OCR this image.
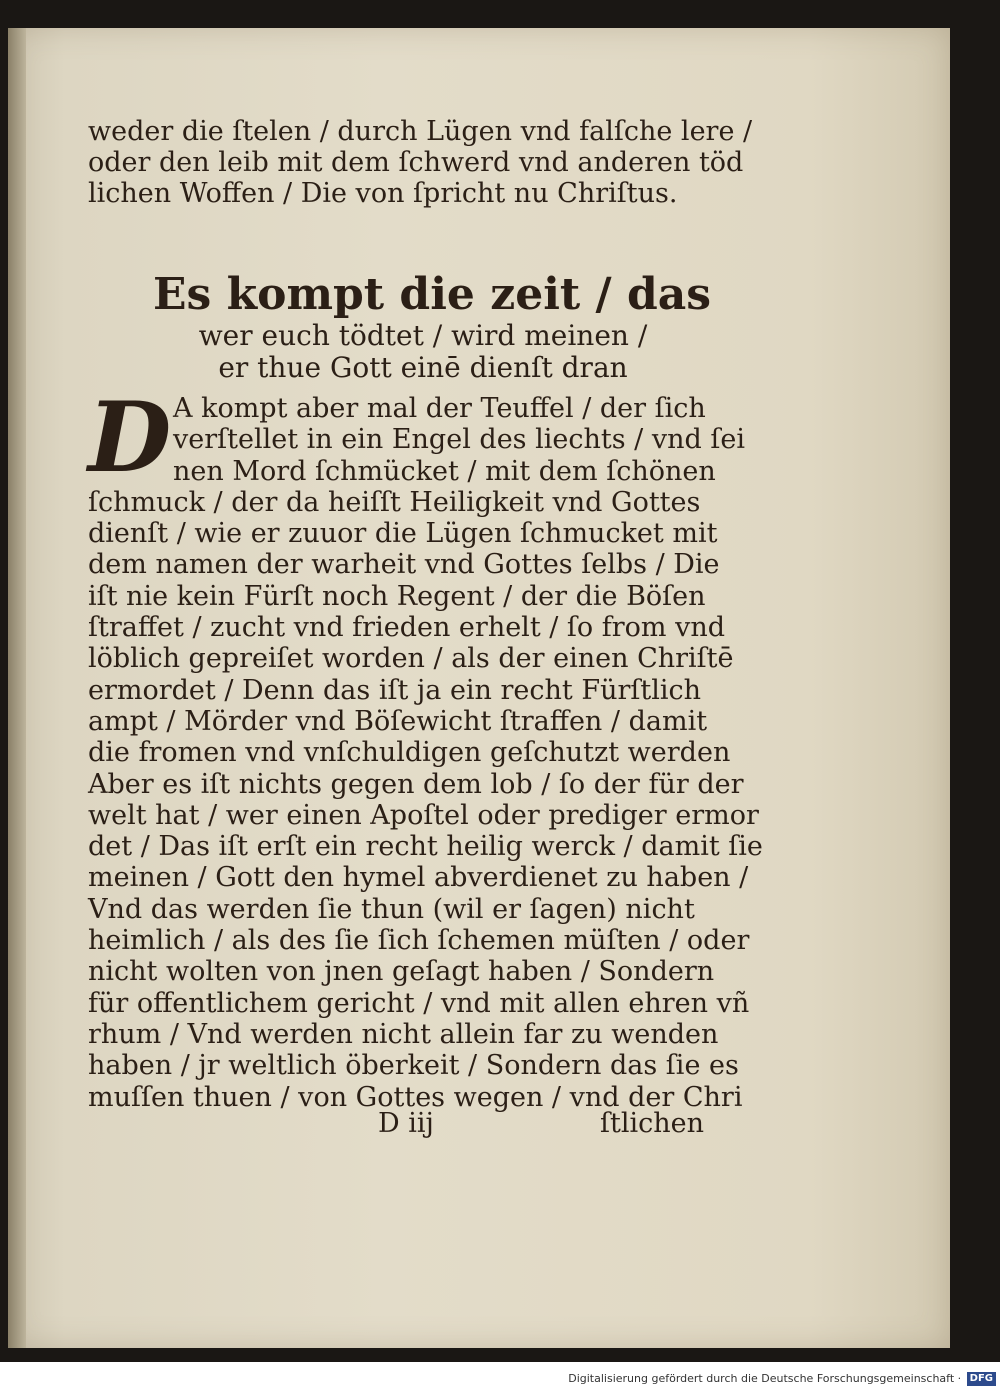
weder die ſtelen / durch Lügen vnd falſche lere /
oder den leib mit dem ſchwerd vnd anderen töd
lichen Woffen / Die von ſpricht nu Chriſtus.
Es kompt die zeit / das
wer euch tödtet / wird meinen /
er thue Gott einē dienſt dran
D A kompt aber mal der Teuffel / der ſich
verſtellet in ein Engel des liechts / vnd ſei
nen Mord ſchmücket / mit dem ſchönen
ſchmuck / der da heiſſt Heiligkeit vnd Gottes
dienſt / wie er zuuor die Lügen ſchmucket mit
dem namen der warheit vnd Gottes ſelbs / Die
iſt nie kein Fürſt noch Regent / der die Böſen
ſtraffet / zucht vnd frieden erhelt / ſo from vnd
löblich gepreiſet worden / als der einen Chriſtē
ermordet / Denn das iſt ja ein recht Fürſtlich
ampt / Mörder vnd Böſewicht ſtraffen / damit
die fromen vnd vnſchuldigen geſchutzt werden
Aber es iſt nichts gegen dem lob / ſo der für der
welt hat / wer einen Apoſtel oder prediger ermor
det / Das iſt erſt ein recht heilig werck / damit ſie
meinen / Gott den hymel abverdienet zu haben /
Vnd das werden ſie thun (wil er ſagen) nicht
heimlich / als des ſie ſich ſchemen müſten / oder
nicht wolten von jnen geſagt haben / Sondern
für offentlichem gericht / vnd mit allen ehren vñ
rhum / Vnd werden nicht allein far zu wenden
haben / jr weltlich öberkeit / Sondern das ſie es
muſſen thuen / von Gottes wegen / vnd der Chri
D iij	ſtlichen
Digitalisierung gefördert durch die Deutsche Forschungsgemeinschaft · DFG
